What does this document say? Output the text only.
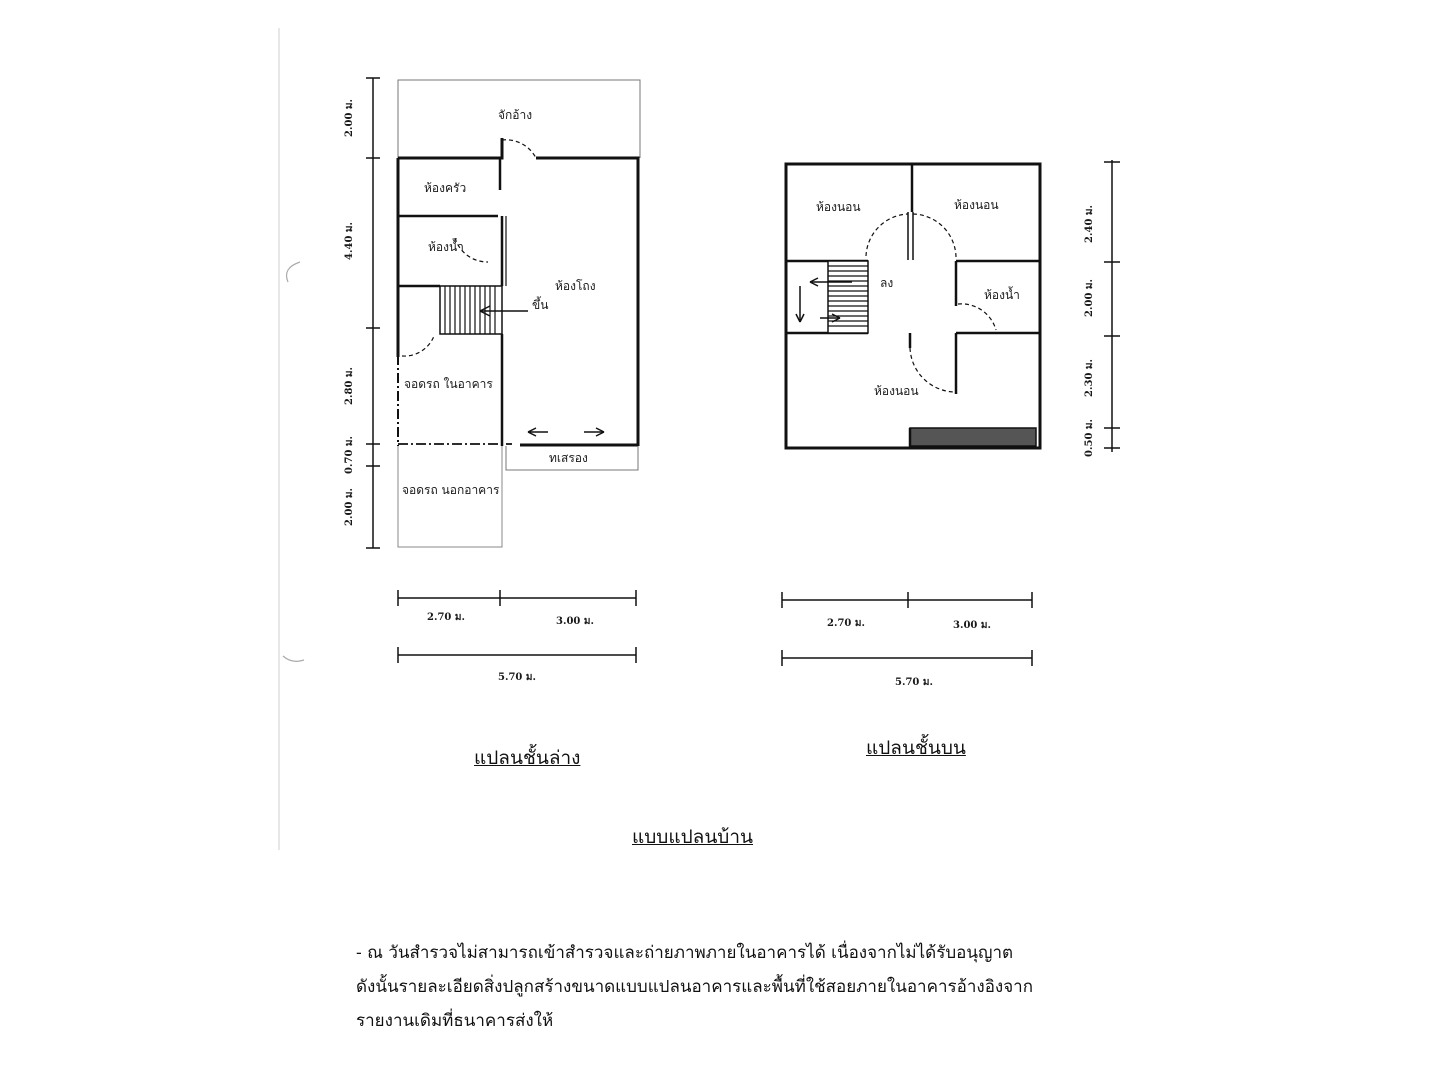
จักอ้าง
ห้องครัว
ห้องน้ำ
ขึ้น
ห้องโถง
จอดรถ ในอาคาร
ทเสรอง
จอดรถ นอกอาคาร
2.00 ม.
4.40 ม.
2.80 ม.
0.70 ม.
2.00 ม.
2.70 ม.	3.00 ม.
5.70 ม.
ห้องนอน	ห้องนอน
ลง
ห้องน้ำ
ห้องนอน
2.40 ม.
2.00 ม.
2.30 ม.
0.50 ม.
2.70 ม.	3.00 ม.
5.70 ม.
แปลนชั้นล่าง	แปลนชั้นบน
แบบแปลนบ้าน
- ณ วันสำรวจไม่สามารถเข้าสำรวจและถ่ายภาพภายในอาคารได้ เนื่องจากไม่ได้รับอนุญาต
ดังนั้นรายละเอียดสิ่งปลูกสร้างขนาดแบบแปลนอาคารและพื้นที่ใช้สอยภายในอาคารอ้างอิงจาก
รายงานเดิมที่ธนาคารส่งให้
